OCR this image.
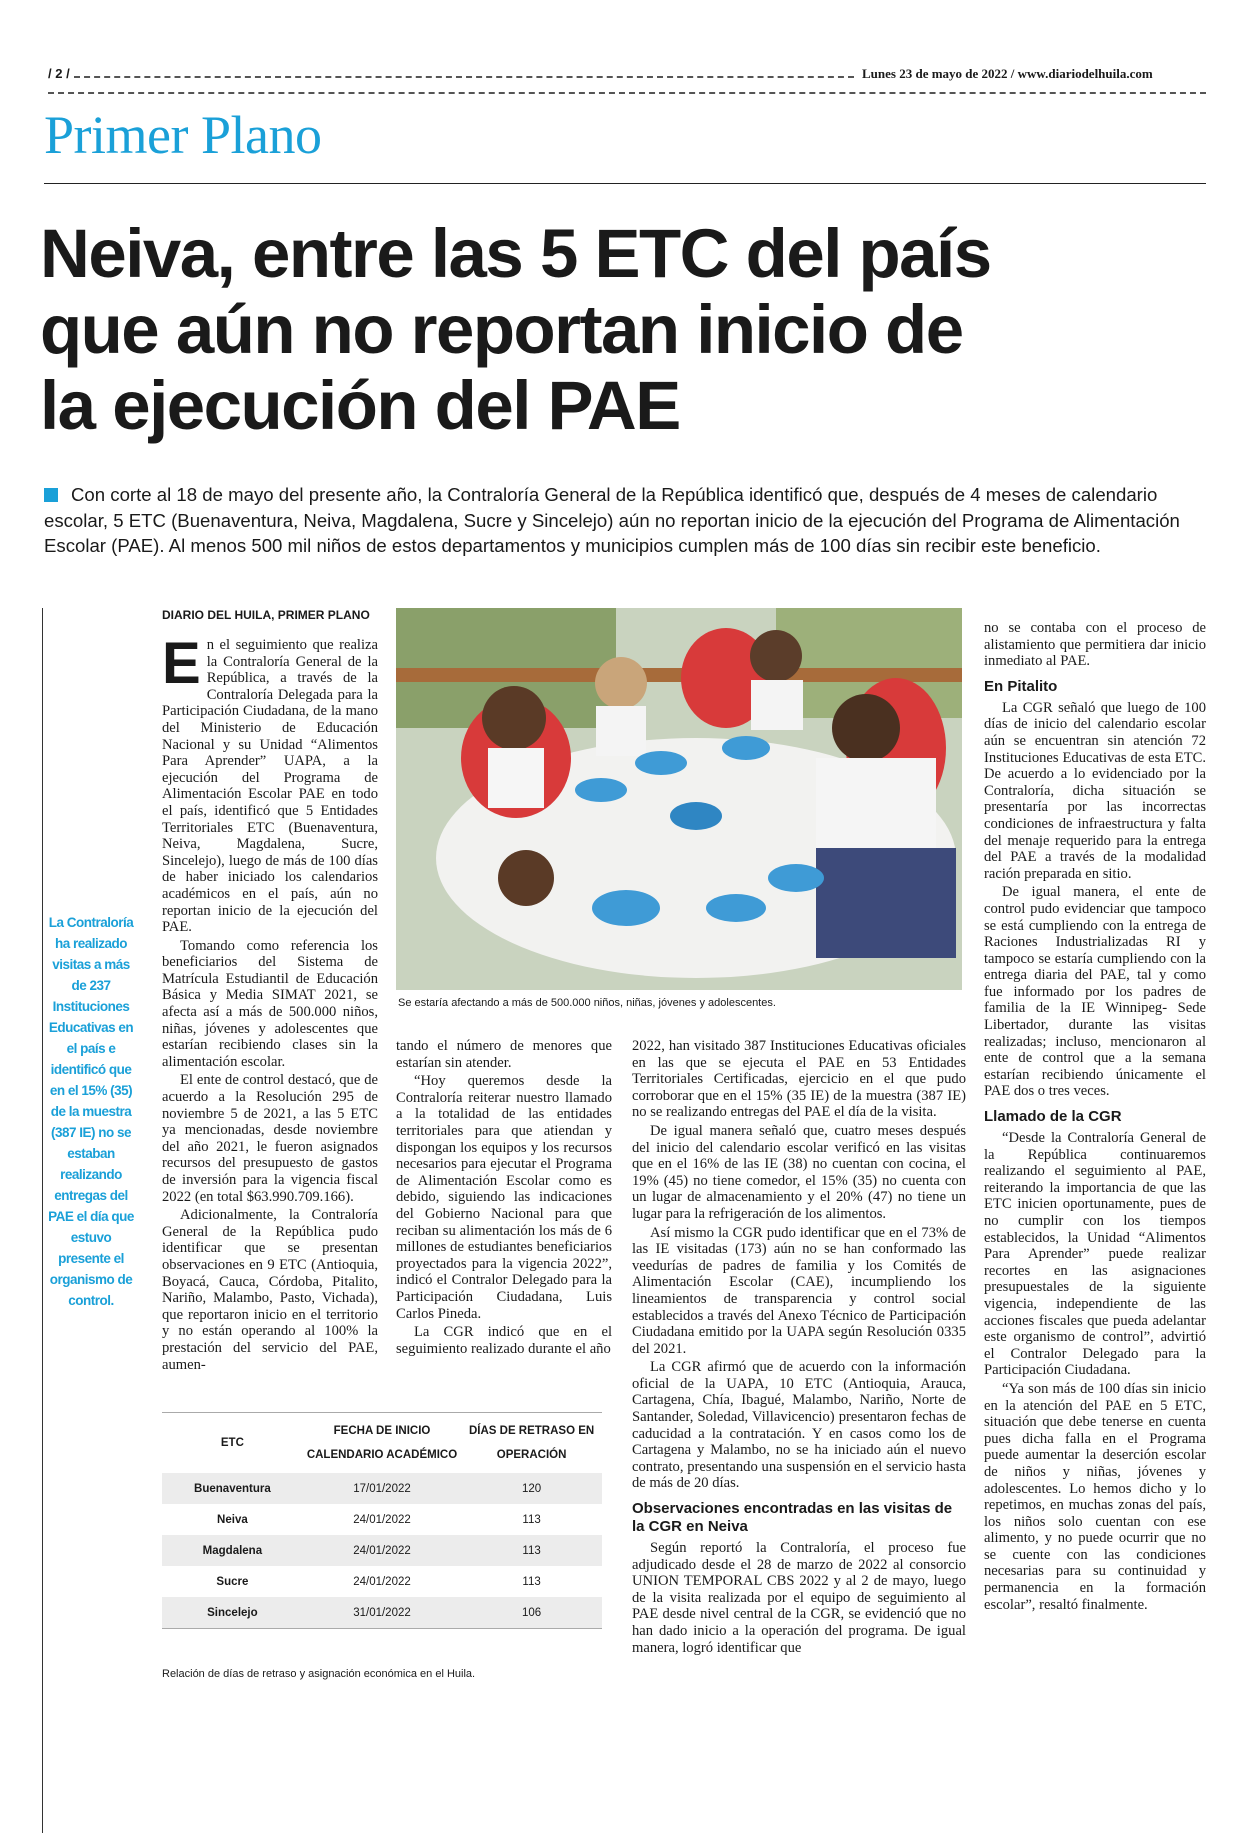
/ 2 /	Lunes 23 de mayo de 2022 / www.diariodelhuila.com
Primer Plano
Neiva, entre las 5 ETC del país
que aún no reportan inicio de
la ejecución del PAE
Con corte al 18 de mayo del presente año, la Contraloría General de la República identificó que, después de 4 meses de calendario escolar, 5 ETC (Buenaventura, Neiva, Magdalena, Sucre y Sincelejo) aún no reportan inicio de la ejecución del Programa de Alimentación Escolar (PAE). Al menos 500 mil niños de estos departamentos y municipios cumplen más de 100 días sin recibir este beneficio.
La Contraloría ha realizado visitas a más de 237 Instituciones Educativas en el país e identificó que en el 15% (35) de la muestra (387 IE) no se estaban realizando entregas del PAE el día que estuvo presente el organismo de control.
DIARIO DEL HUILA, PRIMER PLANO

En el seguimiento que realiza la Contraloría General de la República, a través de la Contraloría Delegada para la Participación Ciudadana, de la mano del Ministerio de Educación Nacional y su Unidad “Alimentos Para Aprender” UAPA, a la ejecución del Programa de Alimentación Escolar PAE en todo el país, identificó que 5 Entidades Territoriales ETC (Buenaventura, Neiva, Magdalena, Sucre, Sincelejo), luego de más de 100 días de haber iniciado los calendarios académicos en el país, aún no reportan inicio de la ejecución del PAE.

Tomando como referencia los beneficiarios del Sistema de Matrícula Estudiantil de Educación Básica y Media SIMAT 2021, se afecta así a más de 500.000 niños, niñas, jóvenes y adolescentes que estarían recibiendo clases sin la alimentación escolar.

El ente de control destacó, que de acuerdo a la Resolución 295 de noviembre 5 de 2021, a las 5 ETC ya mencionadas, desde noviembre del año 2021, le fueron asignados recursos del presupuesto de gastos de inversión para la vigencia fiscal 2022 (en total $63.990.709.166).

Adicionalmente, la Contraloría General de la República pudo identificar que se presentan observaciones en 9 ETC (Antioquia, Boyacá, Cauca, Córdoba, Pitalito, Nariño, Malambo, Pasto, Vichada), que reportaron inicio en el territorio y no están operando al 100% la prestación del servicio del PAE, aumen-

Se estaría afectando a más de 500.000 niños, niñas, jóvenes y adolescentes.

tando el número de menores que estarían sin atender.

“Hoy queremos desde la Contraloría reiterar nuestro llamado a la totalidad de las entidades territoriales para que atiendan y dispongan los equipos y los recursos necesarios para ejecutar el Programa de Alimentación Escolar como es debido, siguiendo las indicaciones del Gobierno Nacional para que reciban su alimentación los más de 6 millones de estudiantes beneficiarios proyectados para la vigencia 2022”, indicó el Contralor Delegado para la Participación Ciudadana, Luis Carlos Pineda.

La CGR indicó que en el seguimiento realizado durante el año

2022, han visitado 387 Instituciones Educativas oficiales en las que se ejecuta el PAE en 53 Entidades Territoriales Certificadas, ejercicio en el que pudo corroborar que en el 15% (35 IE) de la muestra (387 IE) no se realizando entregas del PAE el día de la visita.

De igual manera señaló que, cuatro meses después del inicio del calendario escolar verificó en las visitas que en el 16% de las IE (38) no cuentan con cocina, el 19% (45) no tiene comedor, el 15% (35) no cuenta con un lugar de almacenamiento y el 20% (47) no tiene un lugar para la refrigeración de los alimentos.

Así mismo la CGR pudo identificar que en el 73% de las IE visitadas (173) aún no se han conformado las veedurías de padres de familia y los Comités de Alimentación Escolar (CAE), incumpliendo los lineamientos de transparencia y control social establecidos a través del Anexo Técnico de Participación Ciudadana emitido por la UAPA según Resolución 0335 del 2021.

La CGR afirmó que de acuerdo con la información oficial de la UAPA, 10 ETC (Antioquia, Arauca, Cartagena, Chía, Ibagué, Malambo, Nariño, Norte de Santander, Soledad, Villavicencio) presentaron fechas de caducidad a la contratación. Y en casos como los de Cartagena y Malambo, no se ha iniciado aún el nuevo contrato, presentando una suspensión en el servicio hasta de más de 20 días.

Observaciones encontradas en las visitas de la CGR en Neiva

Según reportó la Contraloría, el proceso fue adjudicado desde el 28 de marzo de 2022 al consorcio UNION TEMPORAL CBS 2022 y al 2 de mayo, luego de la visita realizada por el equipo de seguimiento al PAE desde nivel central de la CGR, se evidenció que no han dado inicio a la operación del programa. De igual manera, logró identificar que

no se contaba con el proceso de alistamiento que permitiera dar inicio inmediato al PAE.

En Pitalito

La CGR señaló que luego de 100 días de inicio del calendario escolar aún se encuentran sin atención 72 Instituciones Educativas de esta ETC. De acuerdo a lo evidenciado por la Contraloría, dicha situación se presentaría por las incorrectas condiciones de infraestructura y falta del menaje requerido para la entrega del PAE a través de la modalidad ración preparada en sitio.

De igual manera, el ente de control pudo evidenciar que tampoco se está cumpliendo con la entrega de Raciones Industrializadas RI y tampoco se estaría cumpliendo con la entrega diaria del PAE, tal y como fue informado por los padres de familia de la IE Winnipeg- Sede Libertador, durante las visitas realizadas; incluso, mencionaron al ente de control que a la semana estarían recibiendo únicamente el PAE dos o tres veces.

Llamado de la CGR

“Desde la Contraloría General de la República continuaremos realizando el seguimiento al PAE, reiterando la importancia de que las ETC inicien oportunamente, pues de no cumplir con los tiempos establecidos, la Unidad “Alimentos Para Aprender” puede realizar recortes en las asignaciones presupuestales de la siguiente vigencia, independiente de las acciones fiscales que pueda adelantar este organismo de control”, advirtió el Contralor Delegado para la Participación Ciudadana.

“Ya son más de 100 días sin inicio en la atención del PAE en 5 ETC, situación que debe tenerse en cuenta pues dicha falla en el Programa puede aumentar la deserción escolar de niños y niñas, jóvenes y adolescentes. Lo hemos dicho y lo repetimos, en muchas zonas del país, los niños solo cuentan con ese alimento, y no puede ocurrir que no se cuente con las condiciones necesarias para su continuidad y permanencia en la formación escolar”, resaltó finalmente.

ETC	FECHA DE INICIO CALENDARIO ACADÉMICO	DÍAS DE RETRASO EN OPERACIÓN
Buenaventura	17/01/2022	120
Neiva	24/01/2022	113
Magdalena	24/01/2022	113
Sucre	24/01/2022	113
Sincelejo	31/01/2022	106
Relación de días de retraso y asignación económica en el Huila.
